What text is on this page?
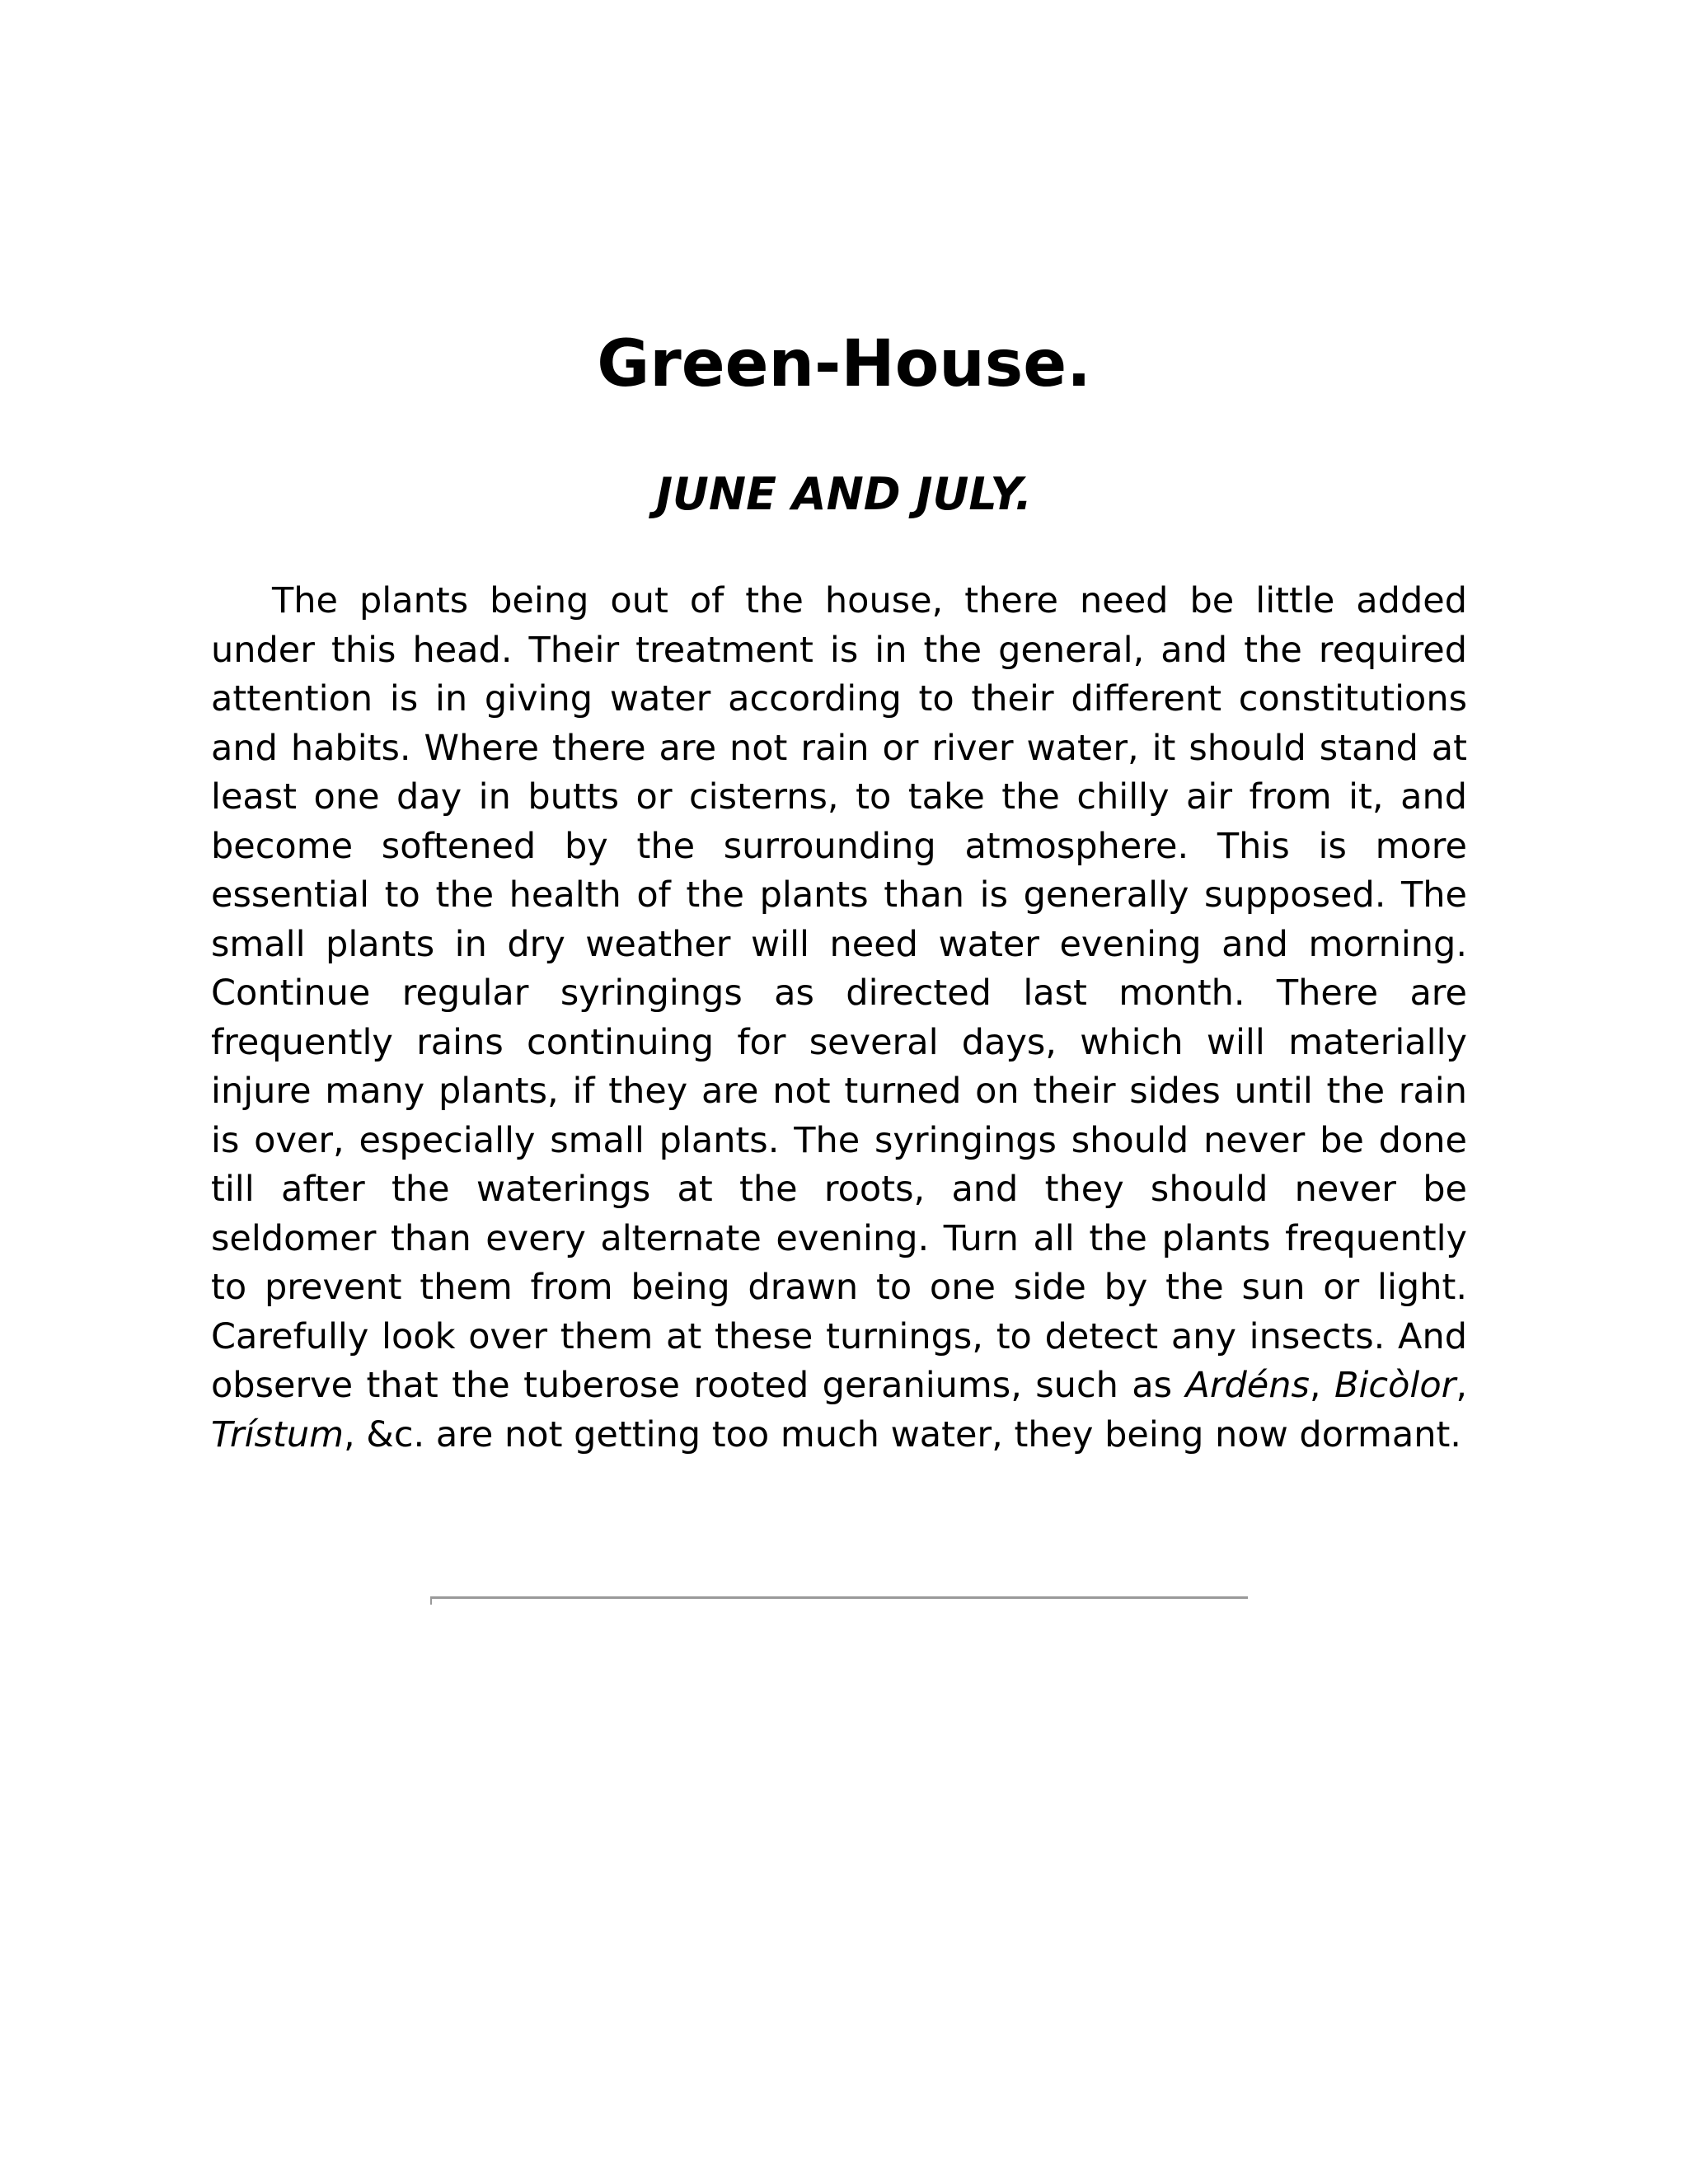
Green-House.
JUNE AND JULY.

The plants being out of the house, there need be little added under this head. Their treatment is in the general, and the required attention is in giving water according to their different constitutions and habits. Where there are not rain or river water, it should stand at least one day in butts or cisterns, to take the chilly air from it, and become softened by the surrounding atmosphere. This is more essential to the health of the plants than is generally supposed. The small plants in dry weather will need water evening and morning. Continue regular syringings as directed last month. There are frequently rains continuing for several days, which will materially injure many plants, if they are not turned on their sides until the rain is over, especially small plants. The syringings should never be done till after the waterings at the roots, and they should never be seldomer than every alternate evening. Turn all the plants frequently to prevent them from being drawn to one side by the sun or light. Carefully look over them at these turnings, to detect any insects. And observe that the tuberose rooted geraniums, such as Ardéns, Bicòlor, Trístum, &c. are not getting too much water, they being now dormant.
